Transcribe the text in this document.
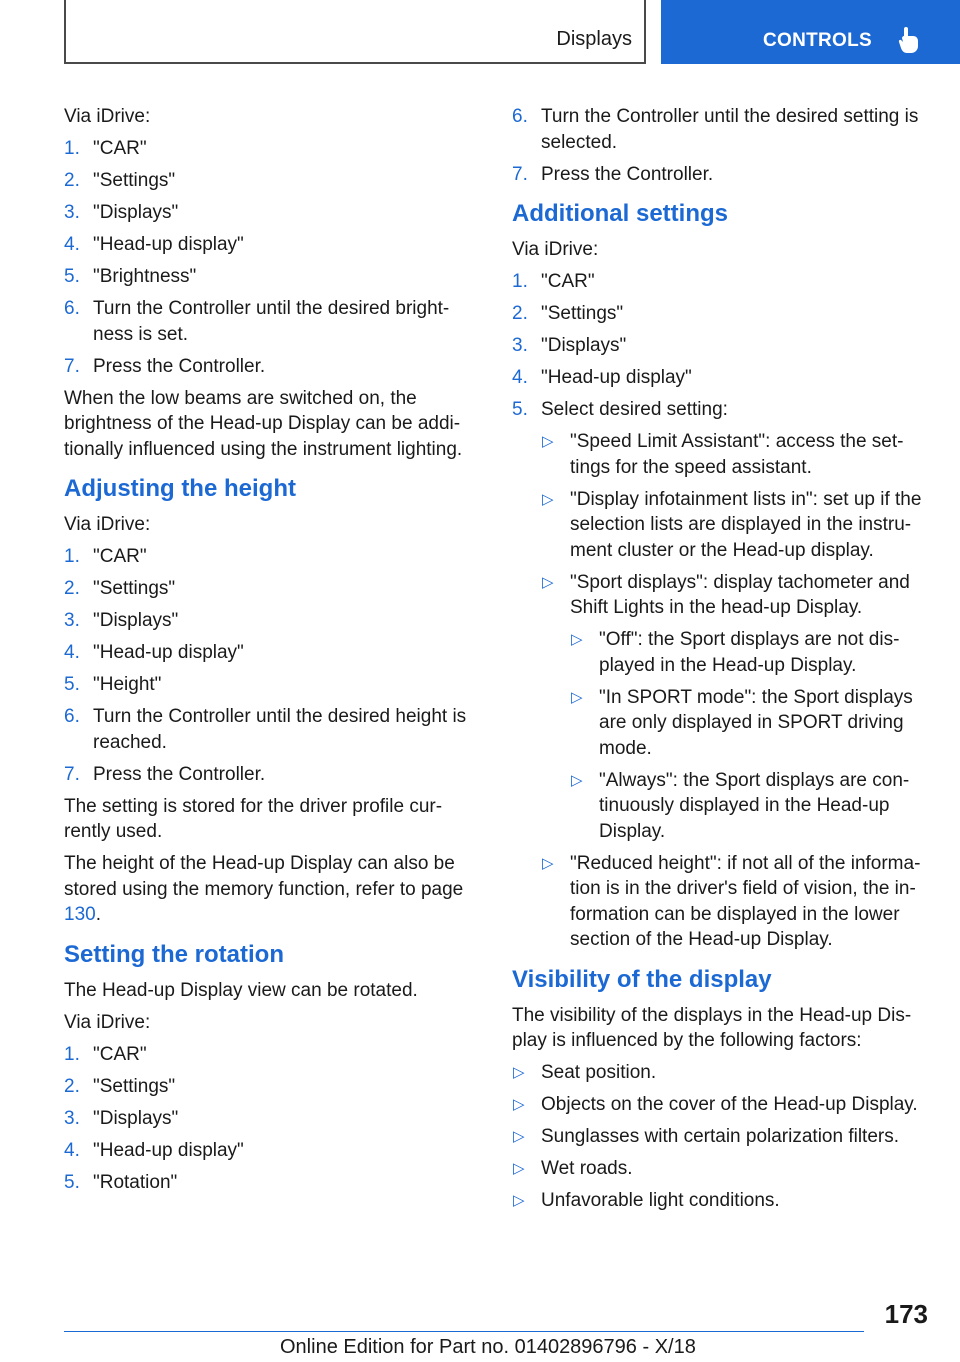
Displays	CONTROLS

Via iDrive:

1. "CAR"
2. "Settings"
3. "Displays"
4. "Head-up display"
5. "Brightness"
6. Turn the Controller until the desired bright‐ness is set.
7. Press the Controller.

When the low beams are switched on, the brightness of the Head-up Display can be addi‐tionally influenced using the instrument lighting.

Adjusting the height

Via iDrive:

1. "CAR"
2. "Settings"
3. "Displays"
4. "Head-up display"
5. "Height"
6. Turn the Controller until the desired height is reached.
7. Press the Controller.

The setting is stored for the driver profile cur‐rently used.

The height of the Head-up Display can also be stored using the memory function, refer to page 130.

Setting the rotation

The Head-up Display view can be rotated.

Via iDrive:

1. "CAR"
2. "Settings"
3. "Displays"
4. "Head-up display"
5. "Rotation"
6. Turn the Controller until the desired setting is selected.
7. Press the Controller.
Additional settings

Via iDrive:

1. "CAR"
2. "Settings"
3. "Displays"
4. "Head-up display"
5. Select desired setting:
▷ "Speed Limit Assistant": access the set‐tings for the speed assistant.
▷ "Display infotainment lists in": set up if the selection lists are displayed in the instru‐ment cluster or the Head-up display.
▷ "Sport displays": display tachometer and Shift Lights in the head-up Display.
▷ "Off": the Sport displays are not dis‐played in the Head-up Display.
▷ "In SPORT mode": the Sport displays are only displayed in SPORT driving mode.
▷ "Always": the Sport displays are con‐tinuously displayed in the Head-up Display.
▷ "Reduced height": if not all of the informa‐tion is in the driver's field of vision, the in‐formation can be displayed in the lower section of the Head-up Display.
Visibility of the display

The visibility of the displays in the Head-up Dis‐play is influenced by the following factors:

▷ Seat position.
▷ Objects on the cover of the Head-up Display.
▷ Sunglasses with certain polarization filters.
▷ Wet roads.
▷ Unfavorable light conditions.
173
Online Edition for Part no. 01402896796 - X/18
